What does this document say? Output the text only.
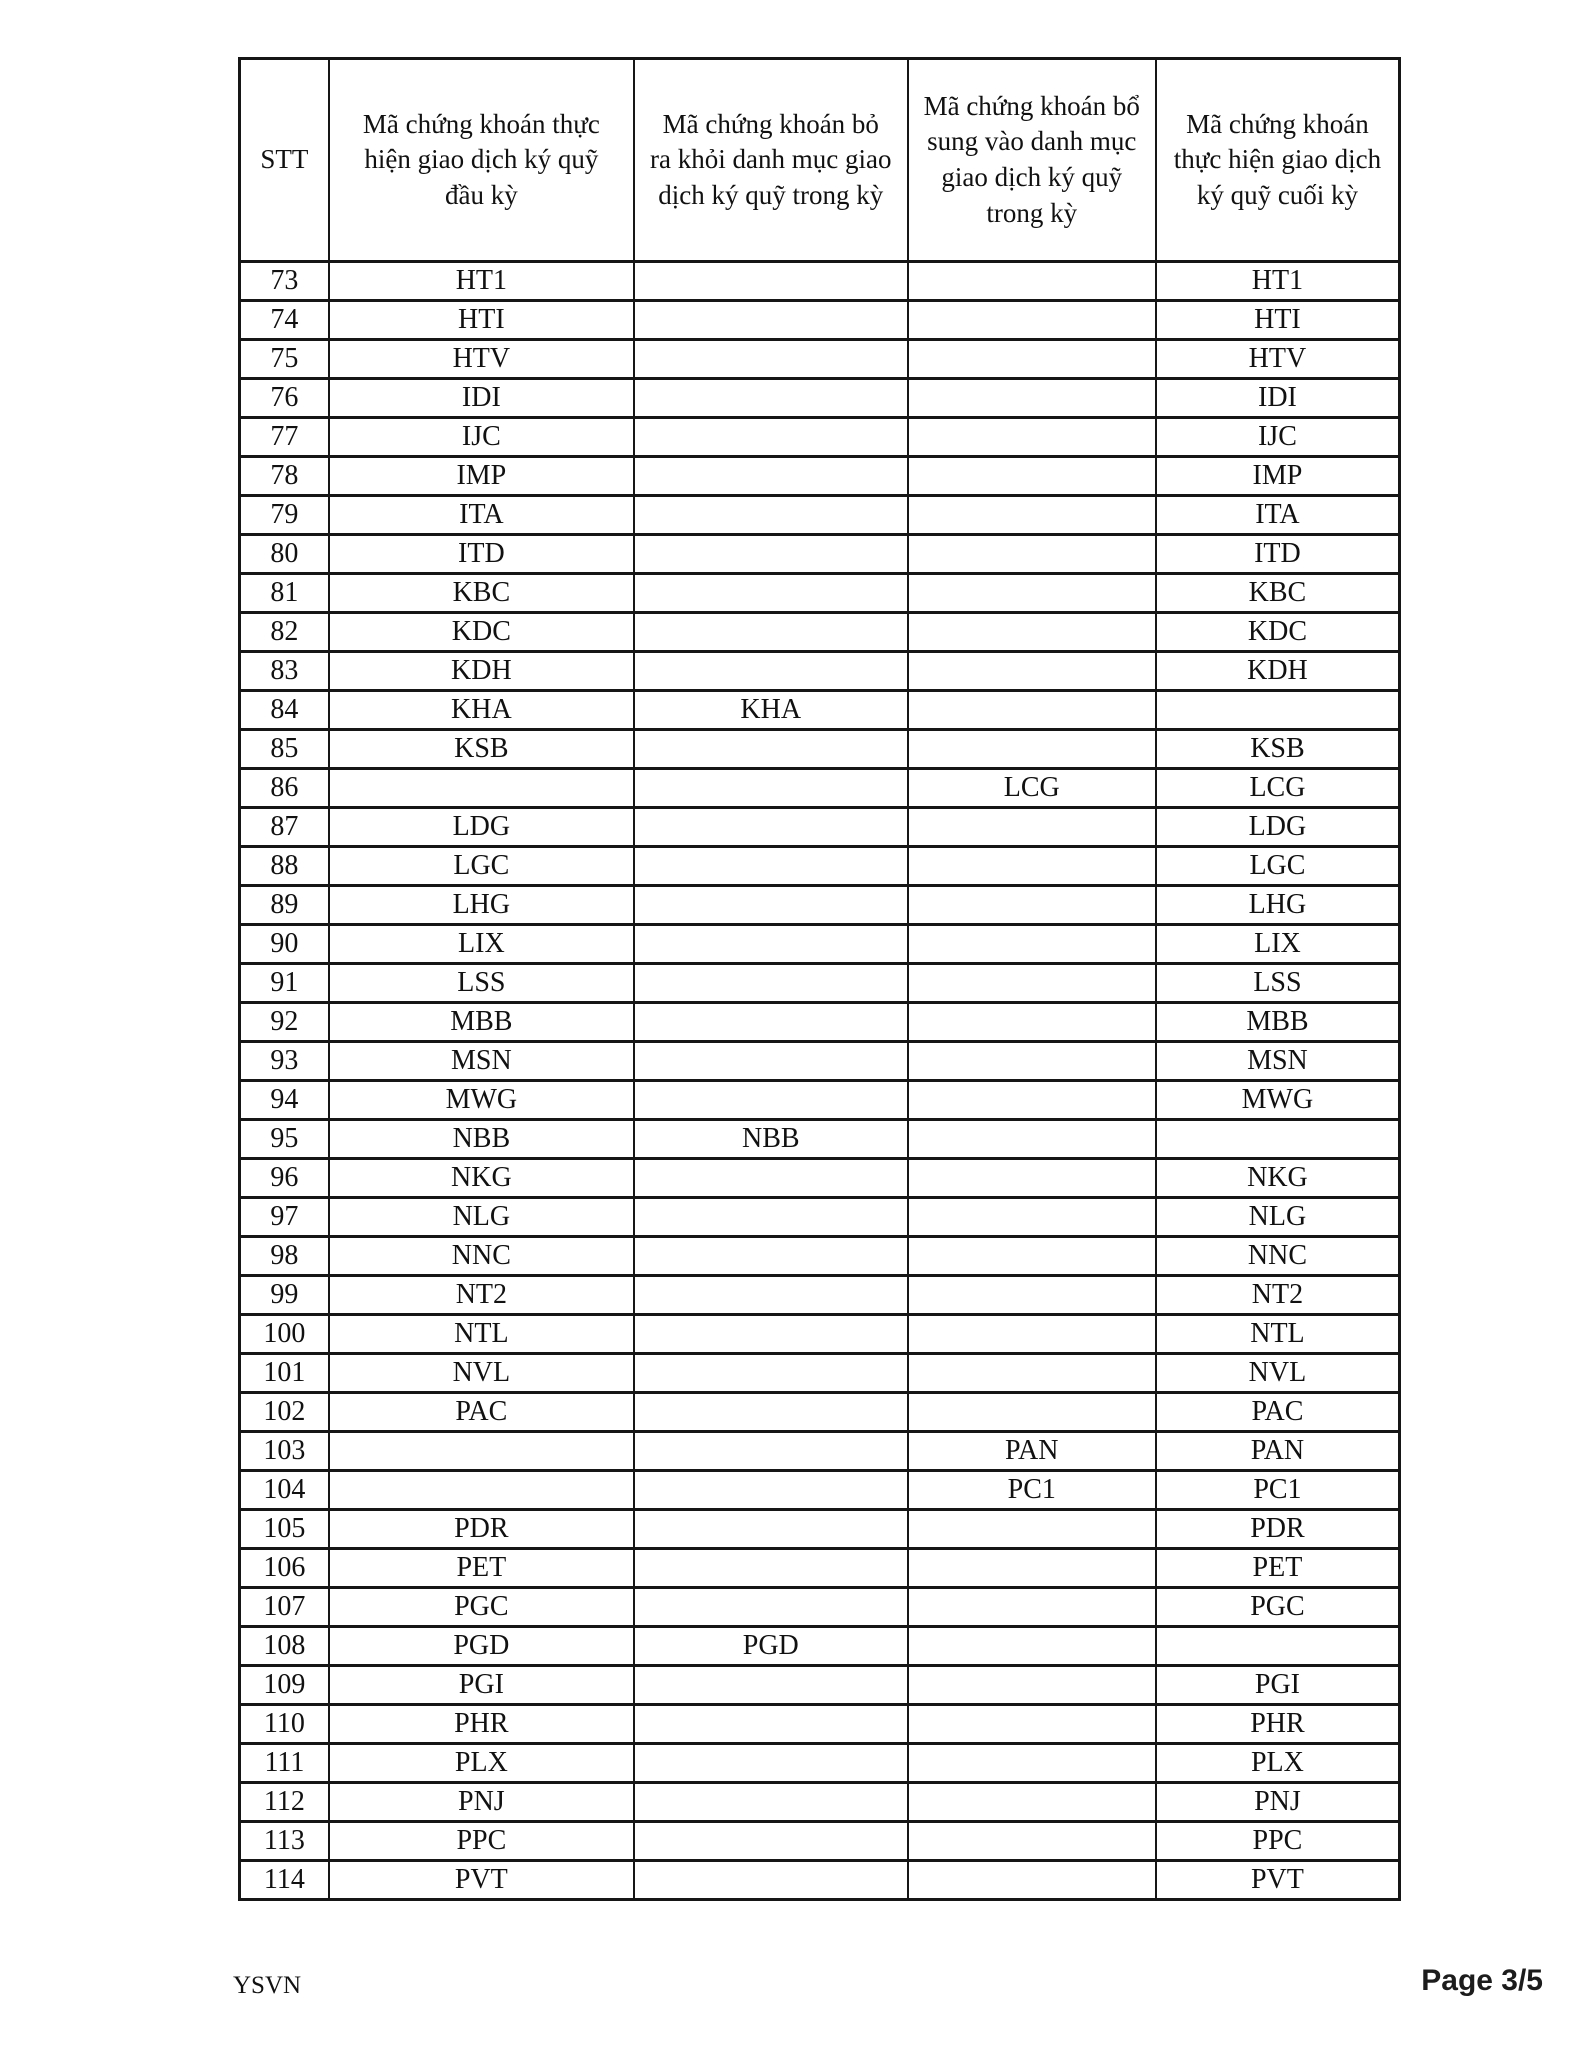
STT	Mã chứng khoán thực hiện giao dịch ký quỹ đầu kỳ	Mã chứng khoán bỏ ra khỏi danh mục giao dịch ký quỹ trong kỳ	Mã chứng khoán bổ sung vào danh mục giao dịch ký quỹ trong kỳ	Mã chứng khoán thực hiện giao dịch ký quỹ cuối kỳ
73	HT1			HT1
74	HTI			HTI
75	HTV			HTV
76	IDI			IDI
77	IJC			IJC
78	IMP			IMP
79	ITA			ITA
80	ITD			ITD
81	KBC			KBC
82	KDC			KDC
83	KDH			KDH
84	KHA	KHA		
85	KSB			KSB
86			LCG	LCG
87	LDG			LDG
88	LGC			LGC
89	LHG			LHG
90	LIX			LIX
91	LSS			LSS
92	MBB			MBB
93	MSN			MSN
94	MWG			MWG
95	NBB	NBB		
96	NKG			NKG
97	NLG			NLG
98	NNC			NNC
99	NT2			NT2
100	NTL			NTL
101	NVL			NVL
102	PAC			PAC
103			PAN	PAN
104			PC1	PC1
105	PDR			PDR
106	PET			PET
107	PGC			PGC
108	PGD	PGD		
109	PGI			PGI
110	PHR			PHR
111	PLX			PLX
112	PNJ			PNJ
113	PPC			PPC
114	PVT			PVT
YSVN	Page 3/5
